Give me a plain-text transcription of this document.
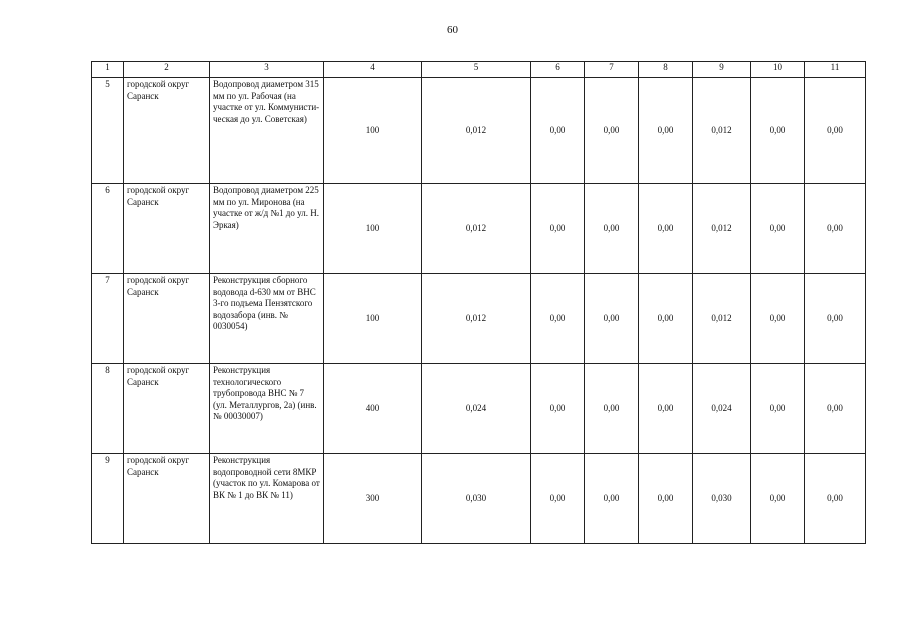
60
1	2	3	4	5	6	7	8	9	10	11
5	городской округ Саранск	Водопровод диаметром 315 мм по ул. Рабочая (на участке от ул. Коммунисти-ческая до ул. Советская)	100	0,012	0,00	0,00	0,00	0,012	0,00	0,00
6	городской округ Саранск	Водопровод диаметром 225 мм по ул. Миронова (на участке от ж/д №1 до ул. Н. Эркая)	100	0,012	0,00	0,00	0,00	0,012	0,00	0,00
7	городской округ Саранск	Реконструкция сборного водовода d-630 мм от ВНС 3-го подъема Пензятского водозабора (инв. № 0030054)	100	0,012	0,00	0,00	0,00	0,012	0,00	0,00
8	городской округ Саранск	Реконструкция технологического трубопровода ВНС № 7 (ул. Металлургов, 2а) (инв. № 00030007)	400	0,024	0,00	0,00	0,00	0,024	0,00	0,00
9	городской округ Саранск	Реконструкция водопроводной сети 8МКР (участок по ул. Комарова от ВК № 1 до ВК № 11)	300	0,030	0,00	0,00	0,00	0,030	0,00	0,00
